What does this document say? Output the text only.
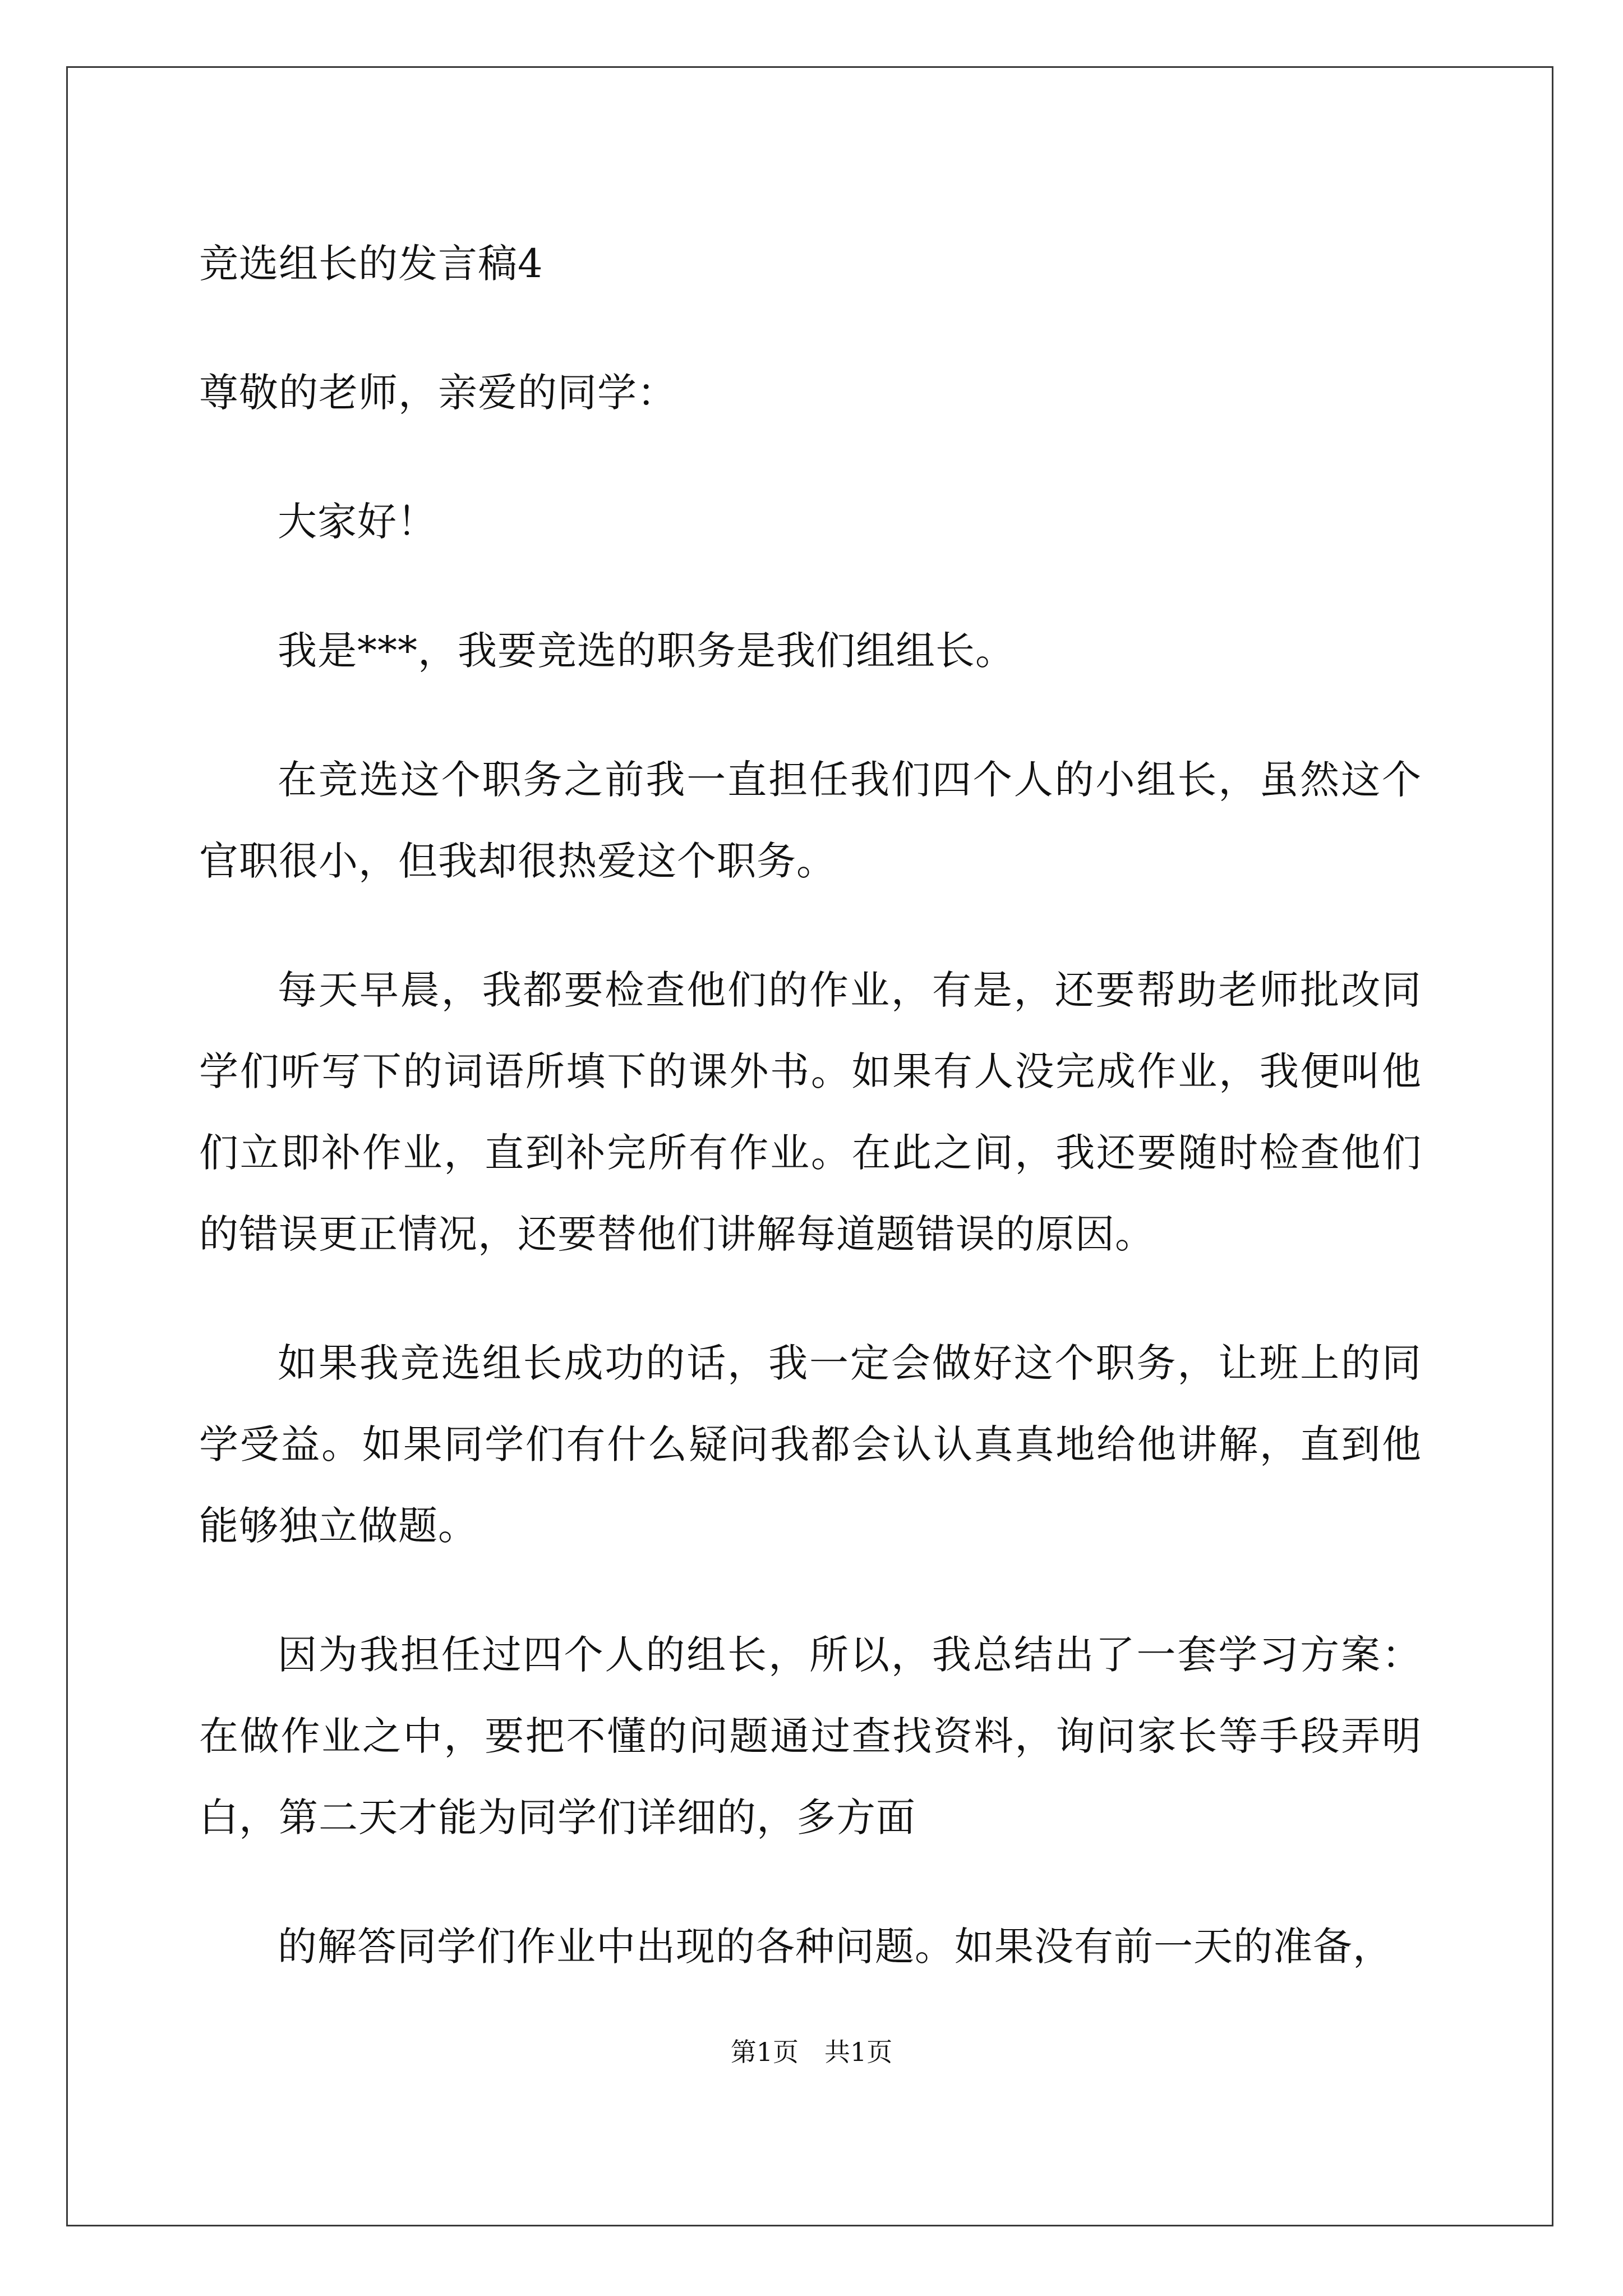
竞选组长的发言稿4

尊敬的老师，亲爱的同学：

大家好！

我是***，我要竞选的职务是我们组组长。

在竞选这个职务之前我一直担任我们四个人的小组长，虽然这个官职很小，但我却很热爱这个职务。

每天早晨，我都要检查他们的作业，有是，还要帮助老师批改同学们听写下的词语所填下的课外书。如果有人没完成作业，我便叫他们立即补作业，直到补完所有作业。在此之间，我还要随时检查他们的错误更正情况，还要替他们讲解每道题错误的原因。

如果我竞选组长成功的话，我一定会做好这个职务，让班上的同学受益。如果同学们有什么疑问我都会认认真真地给他讲解，直到他能够独立做题。

因为我担任过四个人的组长，所以，我总结出了一套学习方案：在做作业之中，要把不懂的问题通过查找资料，询问家长等手段弄明白，第二天才能为同学们详细的，多方面

的解答同学们作业中出现的各种问题。如果没有前一天的准备，

第1页　共1页
